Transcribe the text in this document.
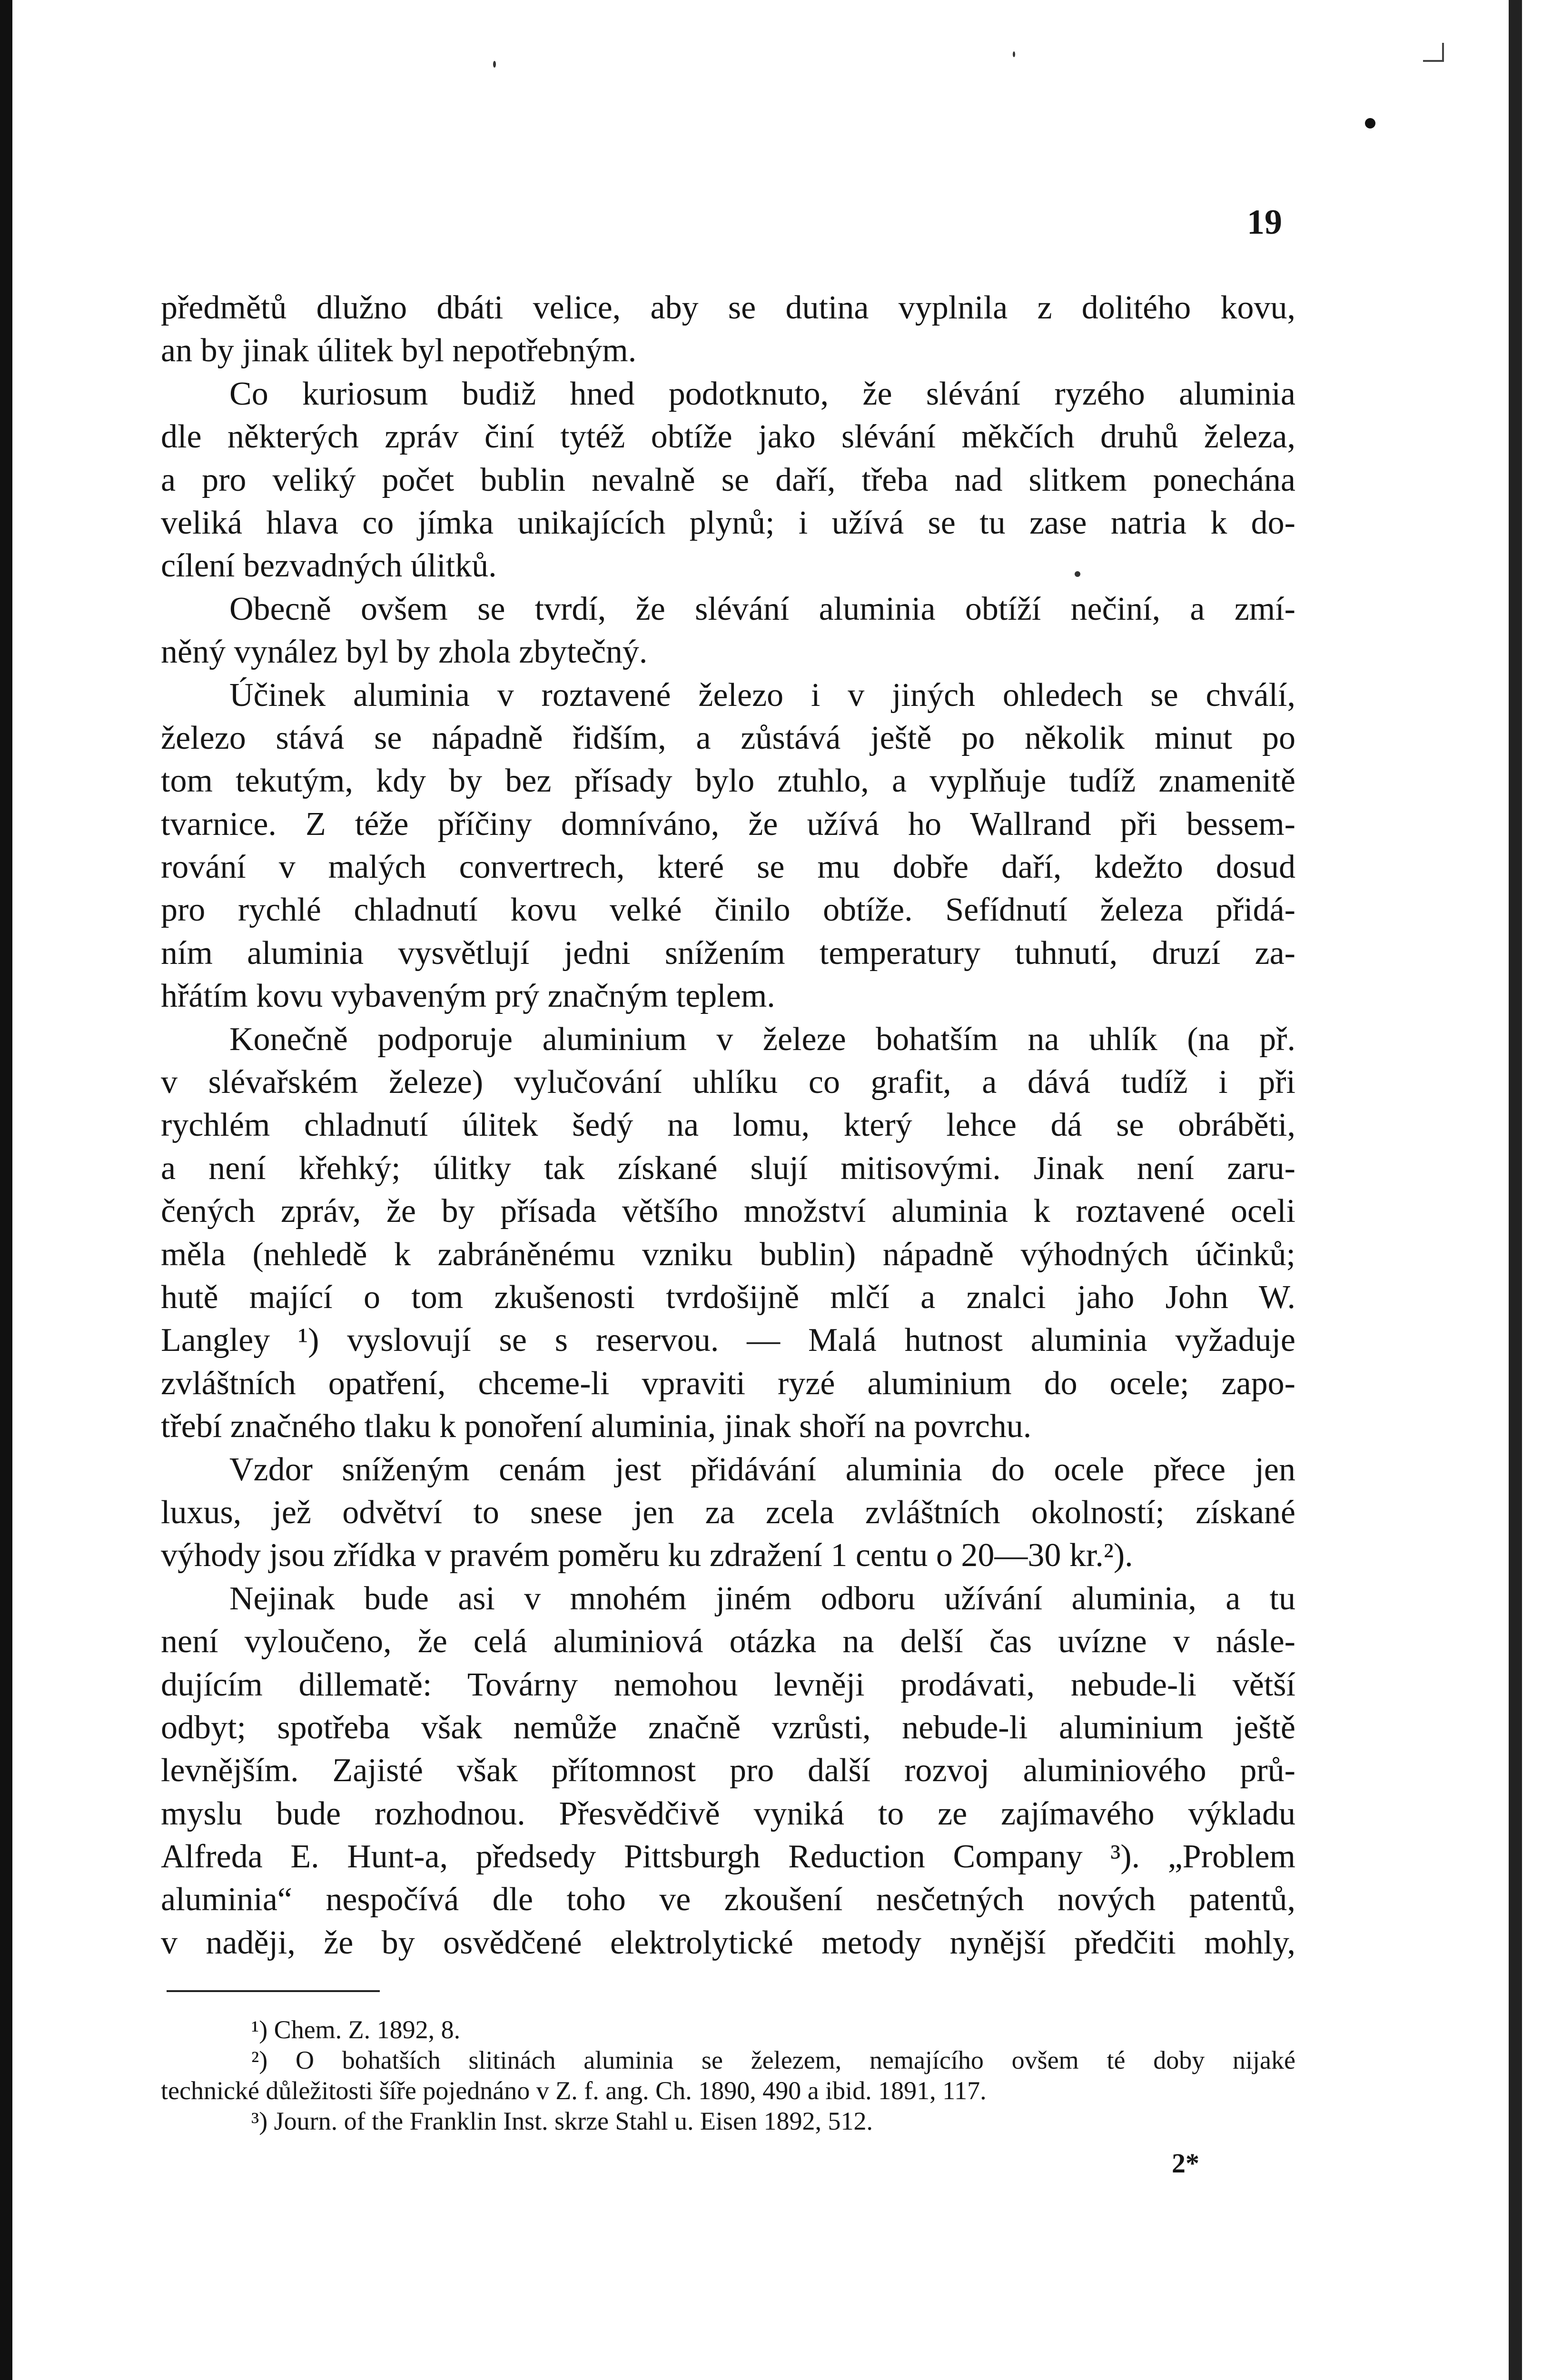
19
předmětů dlužno dbáti velice, aby se dutina vyplnila z dolitého kovu,
an by jinak úlitek byl nepotřebným.
Co kuriosum budiž hned podotknuto, že slévání ryzého aluminia
dle některých zpráv činí tytéž obtíže jako slévání měkčích druhů železa,
a pro veliký počet bublin nevalně se daří, třeba nad slitkem ponechána
veliká hlava co jímka unikajících plynů; i užívá se tu zase natria k do-
cílení bezvadných úlitků.
Obecně ovšem se tvrdí, že slévání aluminia obtíží nečiní, a zmí-
něný vynález byl by zhola zbytečný.
Účinek aluminia v roztavené železo i v jiných ohledech se chválí,
železo stává se nápadně řidším, a zůstává ještě po několik minut po
tom tekutým, kdy by bez přísady bylo ztuhlo, a vyplňuje tudíž znamenitě
tvarnice. Z téže příčiny domníváno, že užívá ho Wallrand při bessem-
rování v malých convertrech, které se mu dobře daří, kdežto dosud
pro rychlé chladnutí kovu velké činilo obtíže. Sefídnutí železa přidá-
ním aluminia vysvětlují jedni snížením temperatury tuhnutí, druzí za-
hřátím kovu vybaveným prý značným teplem.
Konečně podporuje aluminium v železe bohatším na uhlík (na př.
v slévařském železe) vylučování uhlíku co grafit, a dává tudíž i při
rychlém chladnutí úlitek šedý na lomu, který lehce dá se obráběti,
a není křehký; úlitky tak získané slují mitisovými. Jinak není zaru-
čených zpráv, že by přísada většího množství aluminia k roztavené oceli
měla (nehledě k zabráněnému vzniku bublin) nápadně výhodných účinků;
hutě mající o tom zkušenosti tvrdošijně mlčí a znalci jaho John W.
Langley ¹) vyslovují se s reservou. — Malá hutnost aluminia vyžaduje
zvláštních opatření, chceme-li vpraviti ryzé aluminium do ocele; zapo-
třebí značného tlaku k ponoření aluminia, jinak shoří na povrchu.
Vzdor sníženým cenám jest přidávání aluminia do ocele přece jen
luxus, jež odvětví to snese jen za zcela zvláštních okolností; získané
výhody jsou zřídka v pravém poměru ku zdražení 1 centu o 20—30 kr.²).
Nejinak bude asi v mnohém jiném odboru užívání aluminia, a tu
není vyloučeno, že celá aluminiová otázka na delší čas uvízne v násle-
dujícím dillematě: Továrny nemohou levněji prodávati, nebude-li větší
odbyt; spotřeba však nemůže značně vzrůsti, nebude-li aluminium ještě
levnějším. Zajisté však přítomnost pro další rozvoj aluminiového prů-
myslu bude rozhodnou. Přesvědčivě vyniká to ze zajímavého výkladu
Alfreda E. Hunt-a, předsedy Pittsburgh Reduction Company ³). „Problem
aluminia“ nespočívá dle toho ve zkoušení nesčetných nových patentů,
v naději, že by osvědčené elektrolytické metody nynější předčiti mohly,
¹) Chem. Z. 1892, 8.
²) O bohatších slitinách aluminia se železem, nemajícího ovšem té doby nijaké
technické důležitosti šíře pojednáno v Z. f. ang. Ch. 1890, 490 a ibid. 1891, 117.
³) Journ. of the Franklin Inst. skrze Stahl u. Eisen 1892, 512.
2*
